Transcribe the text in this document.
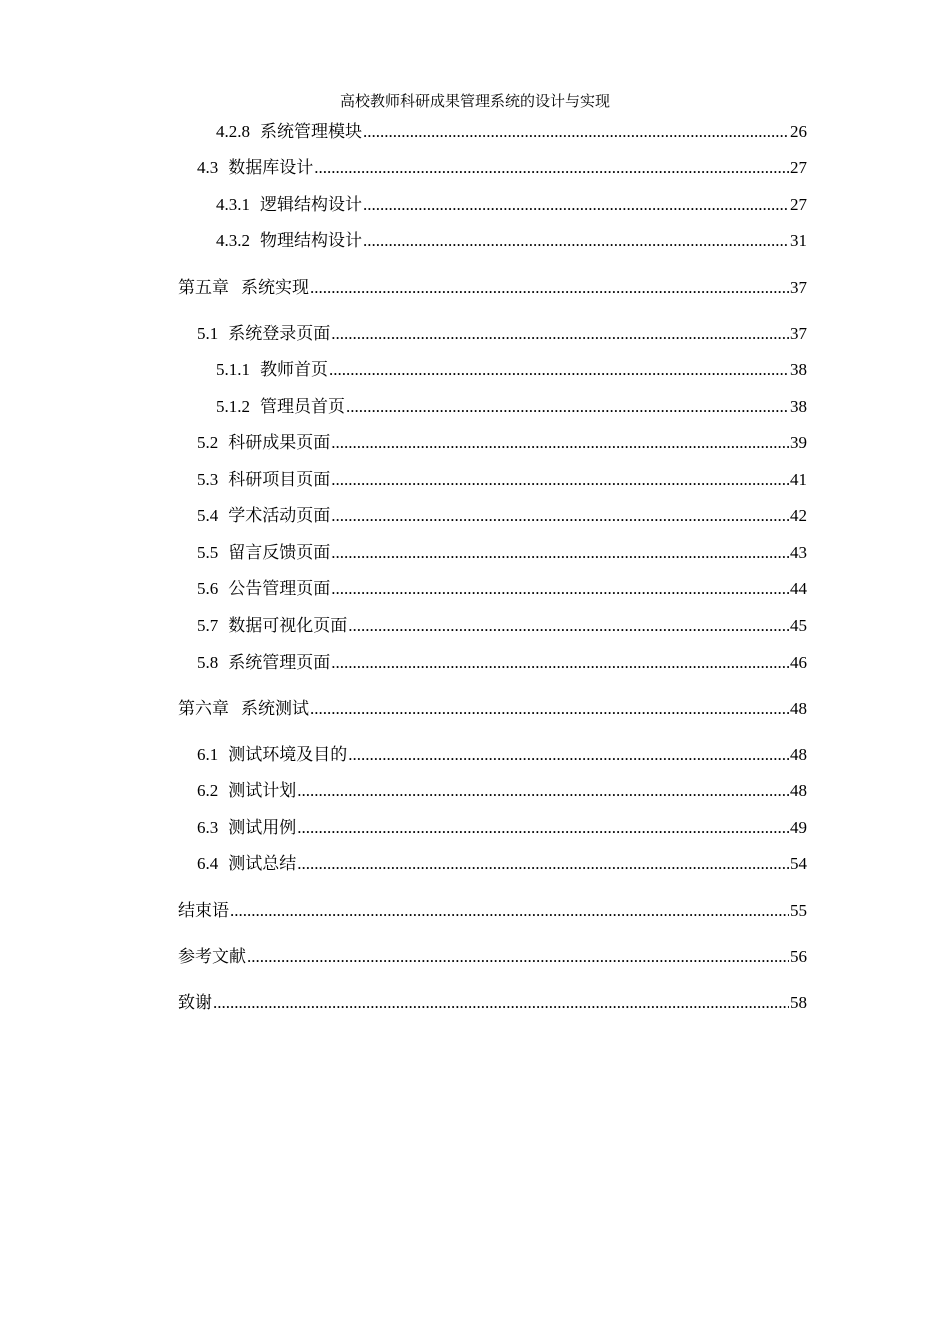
高校教师科研成果管理系统的设计与实现
4.2.8 系统管理模块 .....	26
4.3 数据库设计 .....	27
4.3.1 逻辑结构设计 .....	27
4.3.2 物理结构设计 .....	31
第五章 系统实现 .....	37
5.1 系统登录页面 .....	37
5.1.1 教师首页 .....	38
5.1.2 管理员首页 .....	38
5.2 科研成果页面 .....	39
5.3 科研项目页面 .....	41
5.4 学术活动页面 .....	42
5.5 留言反馈页面 .....	43
5.6 公告管理页面 .....	44
5.7 数据可视化页面 .....	45
5.8 系统管理页面 .....	46
第六章 系统测试 .....	48
6.1 测试环境及目的 .....	48
6.2 测试计划 .....	48
6.3 测试用例 .....	49
6.4 测试总结 .....	54
结束语 .....	55
参考文献 .....	56
致谢 .....	58
